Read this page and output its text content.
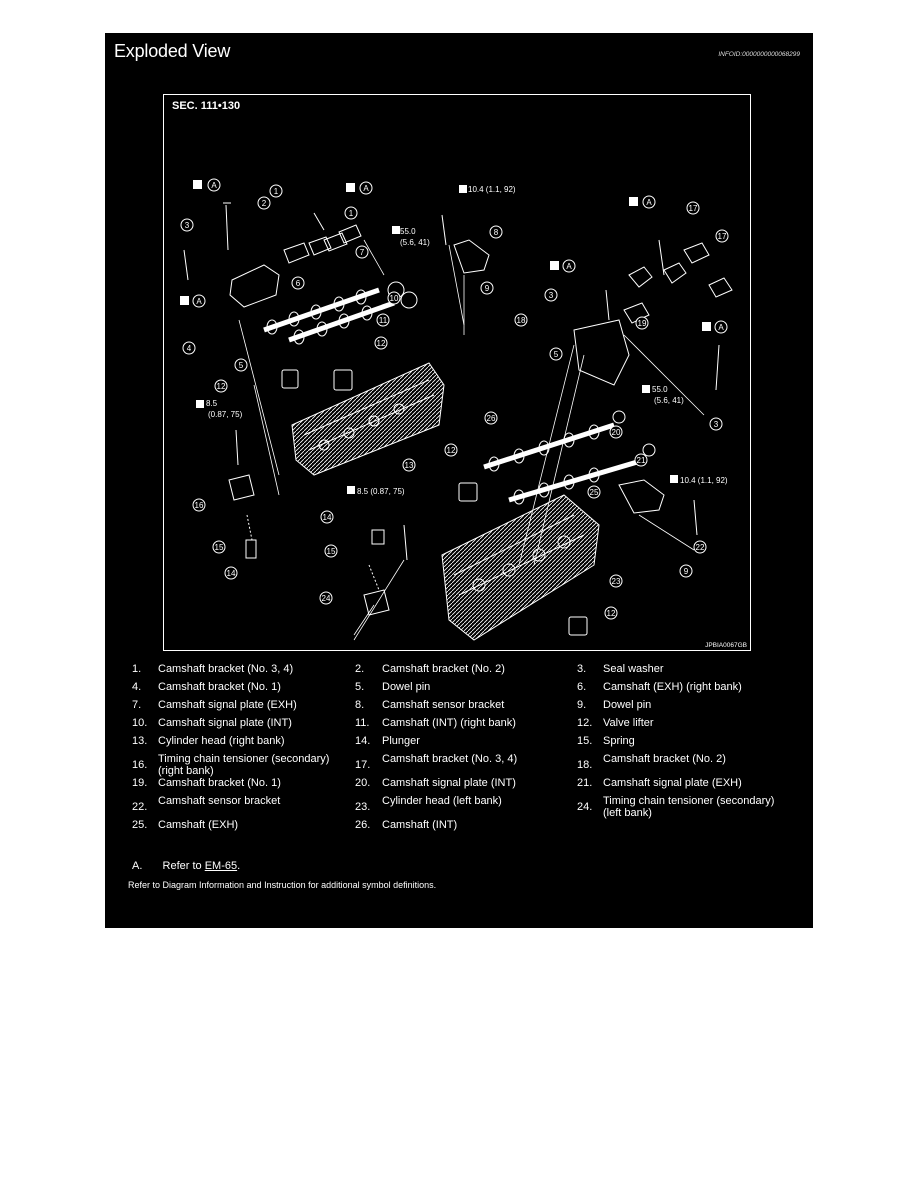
Exploded View	INFOID:0000000000068299
SEC. 111•130
JPBIA0067GB
1
1
2
3
4
5
6
7
8
9
10
11
12
12
13
16
15
14
14
15
24
17
17
18	19
3
3
5
20
21
26
12
25
22
23
9
12
10.4 (1.1, 92)
55.0
(5.6, 41)
55.0
(5.6, 41)
8.5
(0.87, 75)
8.5 (0.87, 75)
10.4 (1.1, 92)
A	A
A
A
A
A
1. Camshaft bracket (No. 3, 4)	2. Camshaft bracket (No. 2)	3. Seal washer
4. Camshaft bracket (No. 1)	5. Dowel pin	6. Camshaft (EXH) (right bank)
7. Camshaft signal plate (EXH)	8. Camshaft sensor bracket	9. Dowel pin
10. Camshaft signal plate (INT)	11. Camshaft (INT) (right bank)	12. Valve lifter
13. Cylinder head (right bank)	14. Plunger	15. Spring
16. Timing chain tensioner (secondary) (right bank)	17. Camshaft bracket (No. 3, 4)	18. Camshaft bracket (No. 2)
19. Camshaft bracket (No. 1)	20. Camshaft signal plate (INT)	21. Camshaft signal plate (EXH)
22. Camshaft sensor bracket	23. Cylinder head (left bank)	24. Timing chain tensioner (secondary) (left bank)
25. Camshaft (EXH)	26. Camshaft (INT)
A. Refer to EM-65.
Refer to Diagram Information and Instruction for additional symbol definitions.
